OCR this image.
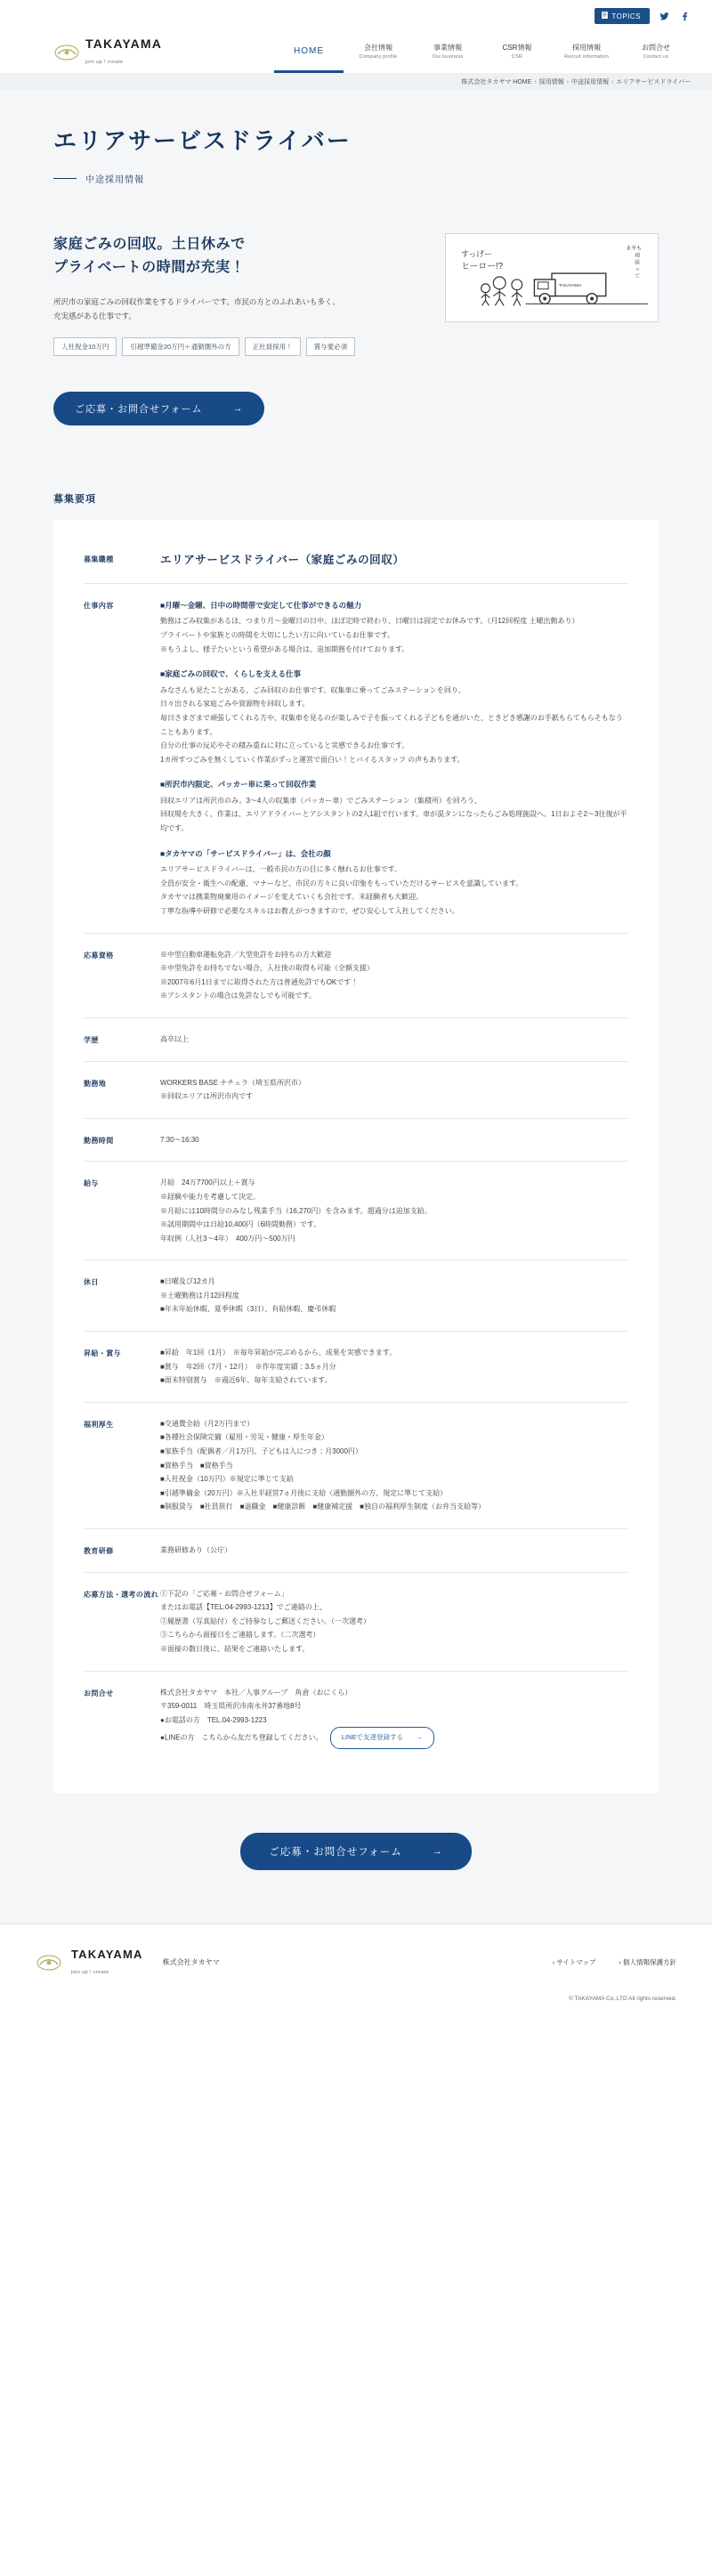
TOPICS
TAKAYAMA
join up ! create
HOME	会社情報
Company profile
事業情報
Our business
CSR情報
CSR
採用情報
Recruit information
お問合せ
Contact us
株式会社タカヤマ HOME › 採用情報 › 中途採用情報 › エリアサービスドライバー
エリアサービスドライバー
中途採用情報
家庭ごみの回収。土日休みで
プライベートの時間が充実！

所沢市の家庭ごみの回収作業をするドライバーです。市民の方とのふれあいも多く、充実感がある仕事です。

入社祝金10万円	引越準備金20万円＋通勤圏外の方	正社員採用！	賞与愛必須
すっげー
ヒーロー!?
ま冬も
頑
張
っ
て
TAKAYAMA
ご応募・お問合せフォーム	→
募集要項
募集職種	エリアサービスドライバー（家庭ごみの回収）
仕事内容	■月曜～金曜、日中の時間帯で安定して仕事ができるの魅力
勤務はごみ収集があるほ、つまり月～金曜日の日中。ほぼ定時で終わり、日曜日は固定でお休みです。（月12回程度 土曜出勤あり）
プライベートや家族との時間を大切にしたい方に向いているお仕事です。
※もうよし、様子たいという希望がある場合は、追加期務を付けております。
■家庭ごみの回収で、くらしを支える仕事
みなさんも見たことがある、ごみ回収のお仕事です。収集車に乗ってごみステーションを回り、
日々出される家庭ごみや資源物を回収します。
毎日さまざまで頑張してくれる方や、収集車を見るのが楽しみで子を振ってくれる子どもを通がいた、ときどき感謝のお手紙もらてもらそもなうこともあります。
自分の仕事の反応やその積み重ねに対に立っていると実感できるお仕事です。
1カ所すつごみを無くしていく作業がずっと運営で面白い！とバイるスタッフ の声もあります。
■所沢市内限定、パッカー車に乗って回収作業
回収エリアは所沢市のみ。3～4人の収集車（パッカー車）でごみステーション（集積所）を回ろう、
回収場を大きく、作業は、エリアドライバーとアシスタントの2人1組で行います。車が混タンになったらごみ処理施設へ。1日およそ2～3往復が平均です。
■タカヤマの「サービスドライバー」は、会社の顔
エリアサービスドライバーは、一般市民の方の目に多く触れるお仕事です。
全員が安全・衛生への配慮、マナーなど、市民の方々に良い印象をもっていただけるサービスを意識しています。
タカヤマは携業物廃棄用のイメージを変えていくも会社です。未経験者も大歓迎。
丁寧な指導や研修で必要なスキルはお教えがつきますので、ぜひ安心して入社してください。
応募資格	※中型自動車運転免許／大型免許をお持ちの方大歓迎
※中型免許をお持ちでない場合、入社後の取得も可能（全額支援）
※2007年6月1日までに取得された方は普通免許でもOKです！
※アシスタントの場合は免許なしでも可能です。
学歴	高卒以上
勤務地	WORKERS BASE ナチュラ（埼玉県所沢市）
※回収エリアは所沢市内です
勤務時間	7:30～16:30
給与	月給　24万7700円以上＋賞与
※経験や能力を考慮して決定。
※月給には10時間分のみなし残業手当（16,270円）を含みます。超過分は追加支給。
※試用期間中は日給10,400円（6時間勤務）です。
年収例（入社3～4年）　400万円～500万円
休日	■日曜及び12カ月
※土曜勤務は月12回程度
■年末年始休暇、夏季休暇（3日）、有給休暇、慶弔休暇
昇給・賞与	■昇給　年1回（1月）　※毎年昇給が完ぶめるから、成果を実感できます。
■賞与　年2回（7月・12月）　※作年度実績：3.5ヵ月分
■面末特別賞与　※過近6年、毎年支給されています。
福利厚生	■交通費全給（月2万円まで）
■各種社会保険完備（雇用・労災・健康・厚生年金）
■家族手当（配偶者／月1万円、子どもは人につき：月3000円）
■資格手当　■資格手当
■入社祝金（10万円）※規定に準じて支給
■引越準備金（20万円）※入社半経営7ヵ月後に支給（通勤圏外の方、規定に準じて支給）
■制服貸与　■社員旅行　■退職金　■健康診断　■健康補定援　■独自の福利厚生制度（お弁当支給等）
教育研修	業務研修あり（公庁）
応募方法・選考の流れ ①下記の「ご応募・お問合せフォーム」
またはお電話【TEL:04-2993-1213】でご連絡の上、
②履歴書（写真貼付）をご持参なしご郵送ください。（一次選考）
③こちらから面接日をご連絡します。（二次選考）
※面接の数日後に、結果をご連絡いたします。
お問合せ	株式会社タカヤマ　本社／人事グループ　角倉（おにくら）
〒359-0011　埼玉県所沢市南永井37番地8号
●お電話の方　TEL.04-2993-1223
●LINEの方　こちらから友だち登録してください。	LINEで友達登録する →
ご応募・お問合せフォーム	→
TAKAYAMA
join up ! create
株式会社タカヤマ	› サイトマップ	› 個人情報保護方針
© TAKAYAMA Co.,LTD All rights reserved.
